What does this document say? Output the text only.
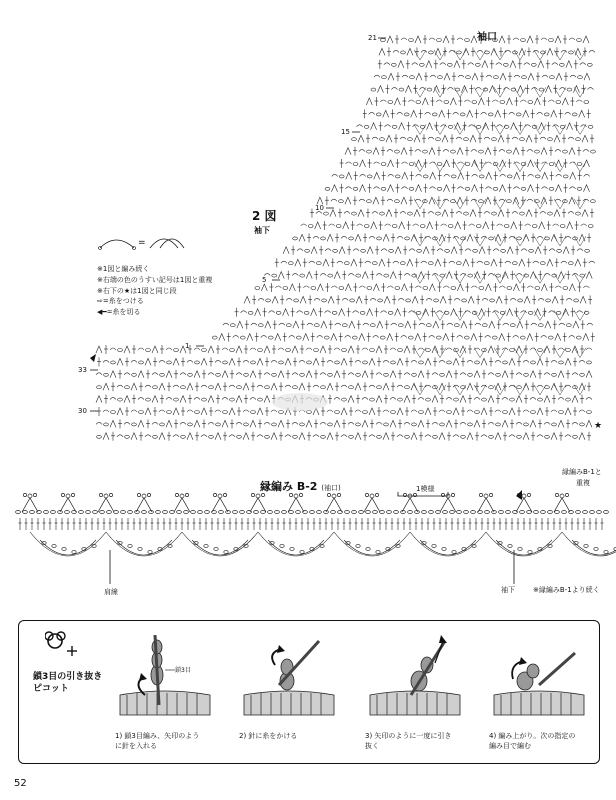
袖口
21
15
10
5
1
33
30
2 図
袖下
=
※1図と編み続く
※右端の色のうすい記号は1図と重複
※右下の★は1図と同じ段
⇨=糸をつける
◀━=糸を切る
★
縁編み B-2 (袖口)	1模様
縁編みB-1と
重複
肩線	袖下	※縁編みB-1より続く
鎖3目の引き抜き
ピコット
鎖3目
1) 鎖3目編み、矢印のよう
に針を入れる
2) 針に糸をかける	3) 矢印のように一度に引き
抜く
4) 編み上がり。次の指定の
編み目で編む
52
